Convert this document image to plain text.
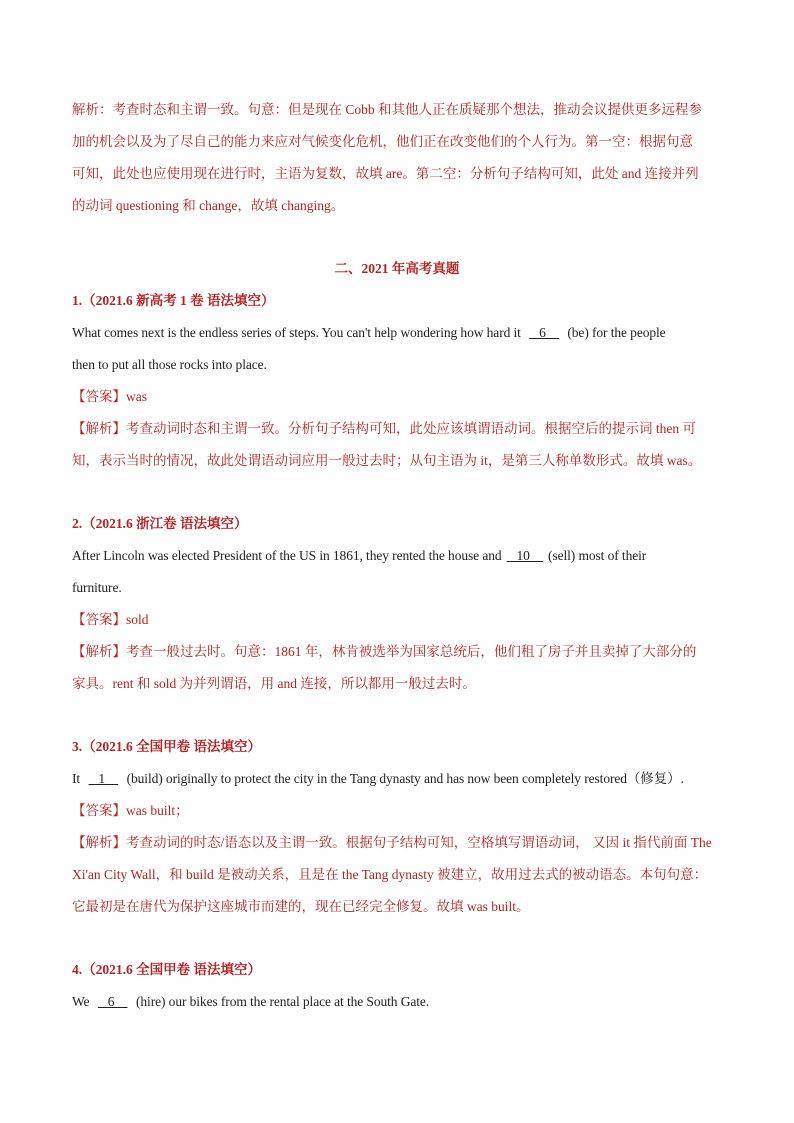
解析：考查时态和主谓一致。句意：但是现在 Cobb 和其他人正在质疑那个想法，推动会议提供更多远程参
加的机会以及为了尽自己的能力来应对气候变化危机，他们正在改变他们的个人行为。第一空：根据句意
可知，此处也应使用现在进行时，主语为复数，故填 are。第二空：分析句子结构可知，此处 and 连接并列
的动词 questioning 和 change，故填 changing。
二、2021 年高考真题
1.（2021.6 新高考 1 卷 语法填空）
What comes next is the endless series of steps. You can't help wondering how hard it    6     (be) for the people
then to put all those rocks into place.
【答案】was
【解析】考查动词时态和主谓一致。分析句子结构可知，此处应该填谓语动词。根据空后的提示词 then 可
知，表示当时的情况，故此处谓语动词应用一般过去时；从句主语为 it，是第三人称单数形式。故填 was。
2.（2021.6 浙江卷 语法填空）
After Lincoln was elected President of the US in 1861, they rented the house and    10     (sell) most of their
furniture.
【答案】sold
【解析】考查一般过去时。句意：1861 年，林肯被选举为国家总统后，他们租了房子并且卖掉了大部分的
家具。rent 和 sold 为并列谓语，用 and 连接，所以都用一般过去时。
3.（2021.6 全国甲卷 语法填空）
It    1     (build) originally to protect the city in the Tang dynasty and has now been completely restored（修复）.
【答案】was built；
【解析】考查动词的时态/语态以及主谓一致。根据句子结构可知，空格填写谓语动词， 又因 it 指代前面 The
Xi'an City Wall，和 build 是被动关系，且是在 the Tang dynasty 被建立，故用过去式的被动语态。本句句意：
它最初是在唐代为保护这座城市而建的，现在已经完全修复。故填 was built。
4.（2021.6 全国甲卷 语法填空）
We    6     (hire) our bikes from the rental place at the South Gate.
